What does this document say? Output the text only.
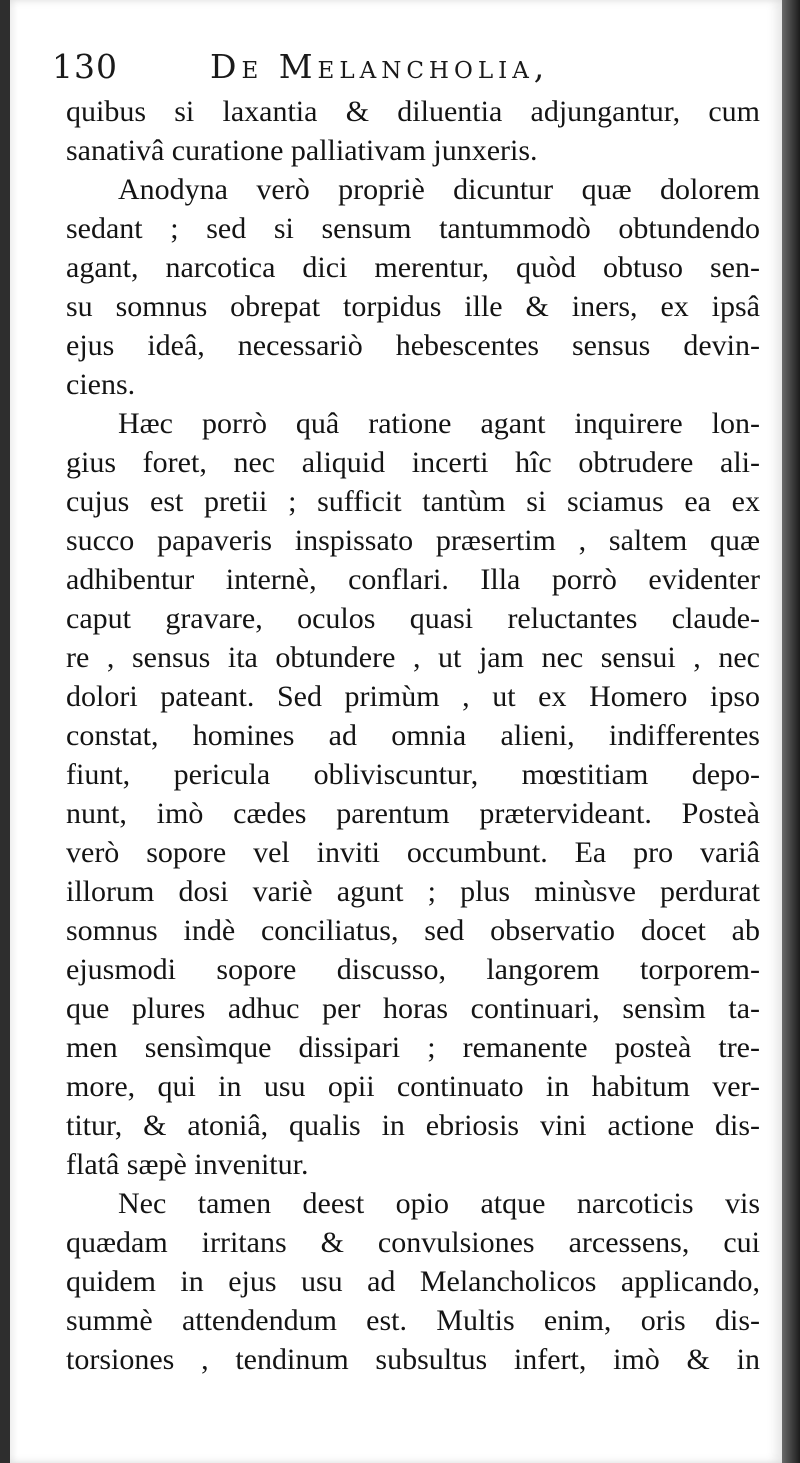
130	De Melancholia,
quibus si laxantia & diluentia adjungantur, cum
sanativâ curatione palliativam junxeris.
Anodyna verò propriè dicuntur quæ dolorem
sedant ; sed si sensum tantummodò obtundendo
agant, narcotica dici merentur, quòd obtuso sen-
su somnus obrepat torpidus ille & iners, ex ipsâ
ejus ideâ, necessariò hebescentes sensus devin-
ciens.
Hæc porrò quâ ratione agant inquirere lon-
gius foret, nec aliquid incerti hîc obtrudere ali-
cujus est pretii ; sufficit tantùm si sciamus ea ex
succo papaveris inspissato præsertim , saltem quæ
adhibentur internè, conflari. Illa porrò evidenter
caput gravare, oculos quasi reluctantes claude-
re , sensus ita obtundere , ut jam nec sensui , nec
dolori pateant. Sed primùm , ut ex Homero ipso
constat, homines ad omnia alieni, indifferentes
fiunt, pericula obliviscuntur, mœstitiam depo-
nunt, imò cædes parentum prætervideant. Posteà
verò sopore vel inviti occumbunt. Ea pro variâ
illorum dosi variè agunt ; plus minùsve perdurat
somnus indè conciliatus, sed observatio docet ab
ejusmodi sopore discusso, langorem torporem-
que plures adhuc per horas continuari, sensìm ta-
men sensìmque dissipari ; remanente posteà tre-
more, qui in usu opii continuato in habitum ver-
titur, & atoniâ, qualis in ebriosis vini actione dis-
flatâ sæpè invenitur.
Nec tamen deest opio atque narcoticis vis
quædam irritans & convulsiones arcessens, cui
quidem in ejus usu ad Melancholicos applicando,
summè attendendum est. Multis enim, oris dis-
torsiones , tendinum subsultus infert, imò & in
